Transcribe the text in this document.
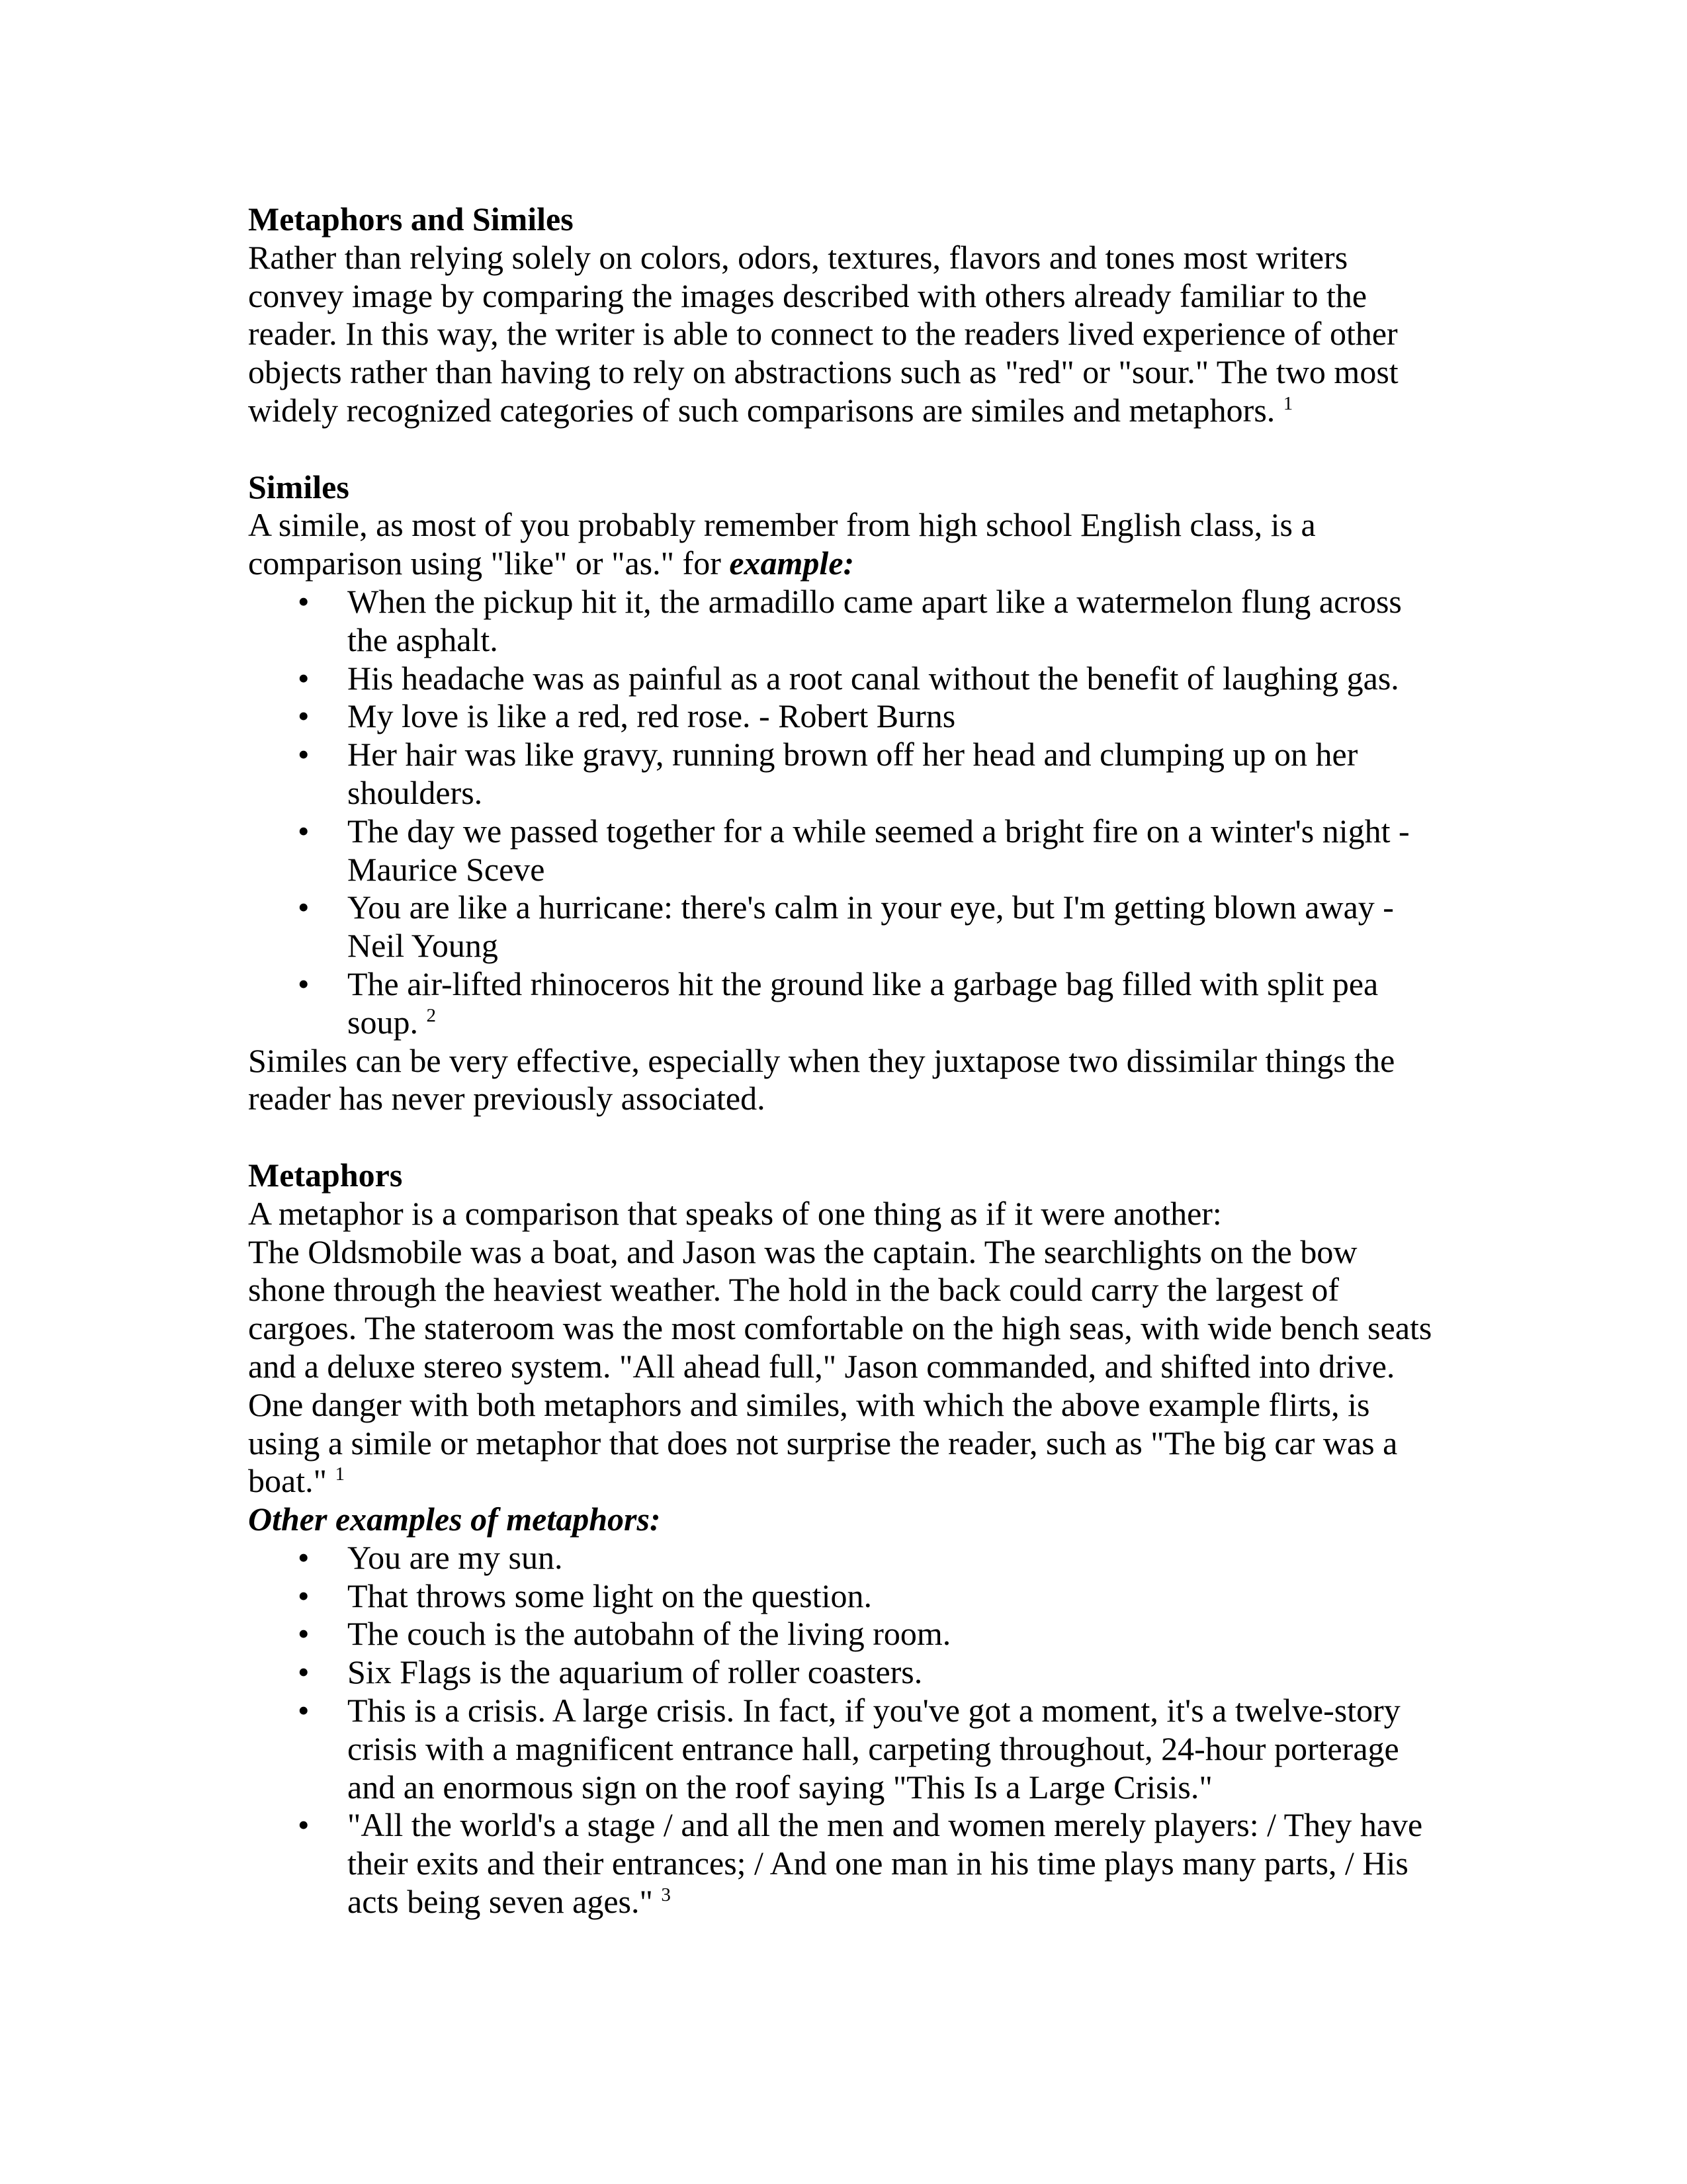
Metaphors and Similes

Rather than relying solely on colors, odors, textures, flavors and tones most writers convey image by comparing the images described with others already familiar to the reader. In this way, the writer is able to connect to the readers lived experience of other objects rather than having to rely on abstractions such as "red" or "sour." The two most widely recognized categories of such comparisons are similes and metaphors. $^1$

Similes

A simile, as most of you probably remember from high school English class, is a comparison using "like" or "as." for example:

• When the pickup hit it, the armadillo came apart like a watermelon flung across the asphalt.
• His headache was as painful as a root canal without the benefit of laughing gas.
• My love is like a red, red rose. - Robert Burns
• Her hair was like gravy, running brown off her head and clumping up on her shoulders.
• The day we passed together for a while seemed a bright fire on a winter's night - Maurice Sceve
• You are like a hurricane: there's calm in your eye, but I'm getting blown away - Neil Young
• The air-lifted rhinoceros hit the ground like a garbage bag filled with split pea soup. $^2$

Similes can be very effective, especially when they juxtapose two dissimilar things the reader has never previously associated.

Metaphors

A metaphor is a comparison that speaks of one thing as if it were another:

The Oldsmobile was a boat, and Jason was the captain. The searchlights on the bow shone through the heaviest weather. The hold in the back could carry the largest of cargoes. The stateroom was the most comfortable on the high seas, with wide bench seats and a deluxe stereo system. "All ahead full," Jason commanded, and shifted into drive. One danger with both metaphors and similes, with which the above example flirts, is using a simile or metaphor that does not surprise the reader, such as "The big car was a boat." $^1$

Other examples of metaphors:

• You are my sun.
• That throws some light on the question.
• The couch is the autobahn of the living room.
• Six Flags is the aquarium of roller coasters.
• This is a crisis. A large crisis. In fact, if you've got a moment, it's a twelve-story crisis with a magnificent entrance hall, carpeting throughout, 24-hour porterage and an enormous sign on the roof saying "This Is a Large Crisis."
• "All the world's a stage / and all the men and women merely players: / They have their exits and their entrances; / And one man in his time plays many parts, / His acts being seven ages." $^3$
